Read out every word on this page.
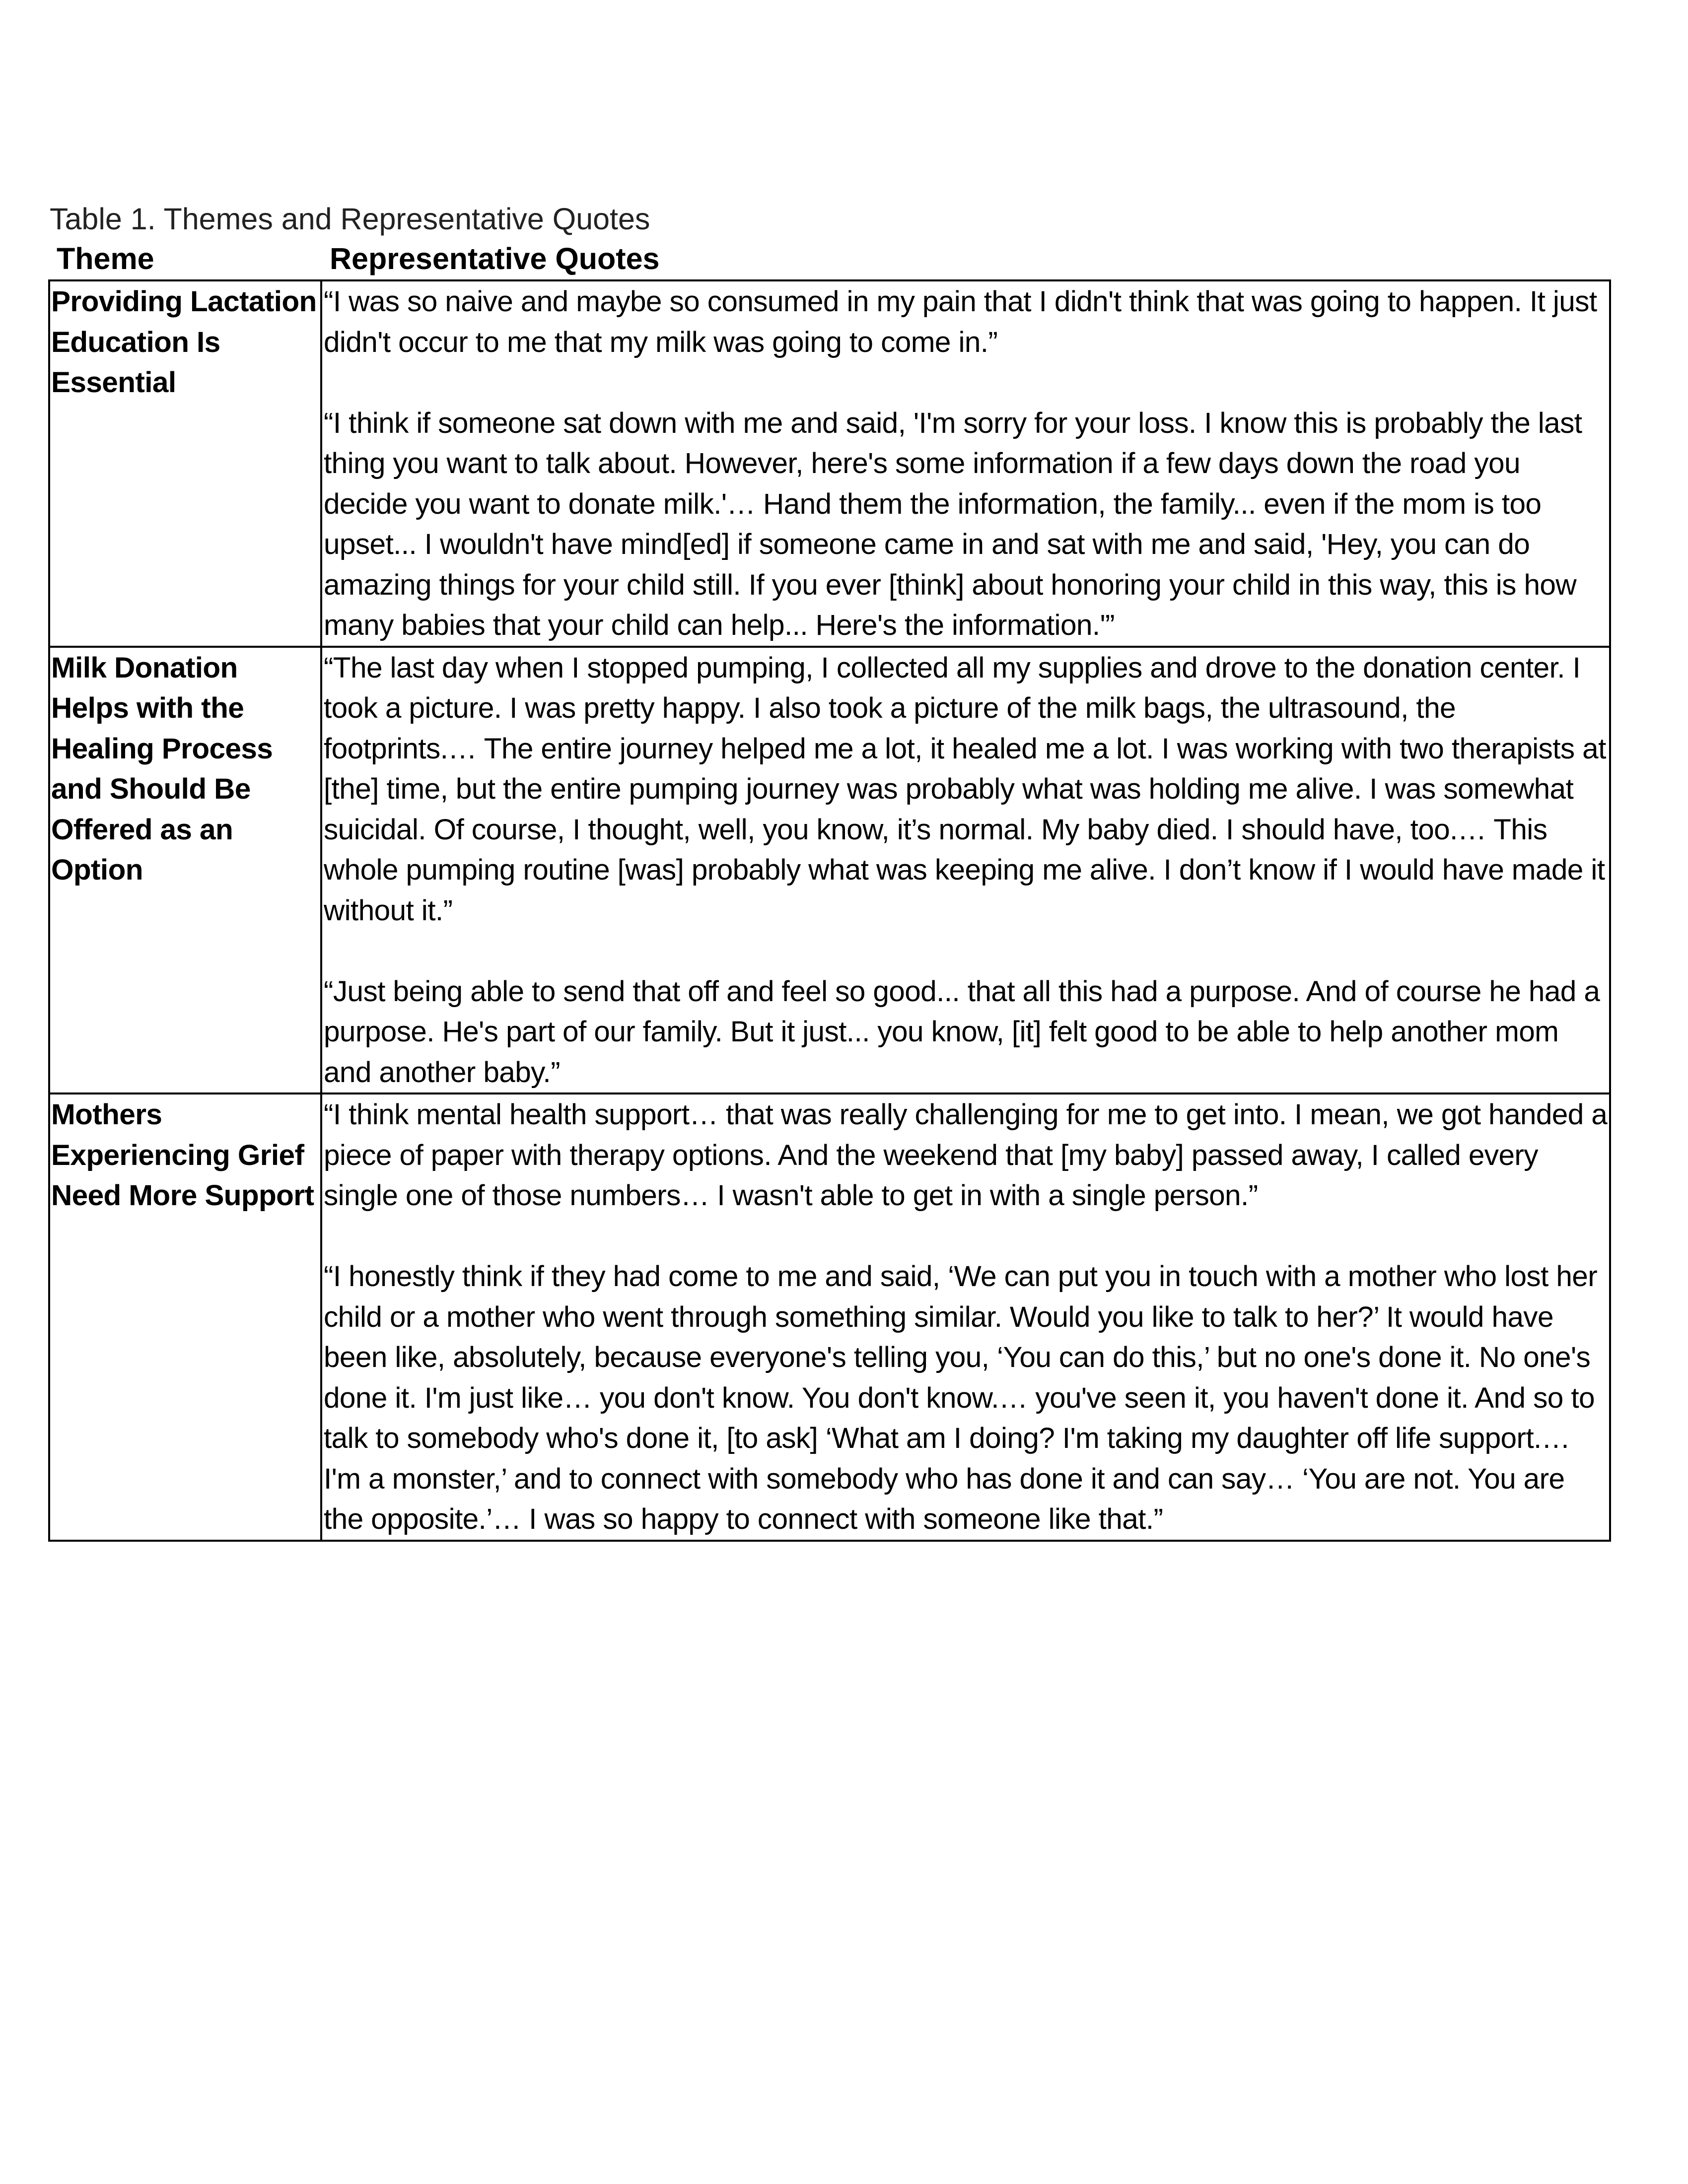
Table 1. Themes and Representative Quotes
Theme	Representative Quotes
Providing Lactation Education Is Essential

“I was so naive and maybe so consumed in my pain that I didn't think that was going to happen. It just didn't occur to me that my milk was going to come in.”

“I think if someone sat down with me and said, 'I'm sorry for your loss. I know this is probably the last thing you want to talk about. However, here's some information if a few days down the road you decide you want to donate milk.'… Hand them the information, the family... even if the mom is too upset... I wouldn't have mind[ed] if someone came in and sat with me and said, 'Hey, you can do amazing things for your child still. If you ever [think] about honoring your child in this way, this is how many babies that your child can help... Here's the information.'”

Milk Donation Helps with the Healing Process and Should Be Offered as an Option

“The last day when I stopped pumping, I collected all my supplies and drove to the donation center. I took a picture. I was pretty happy. I also took a picture of the milk bags, the ultrasound, the footprints.… The entire journey helped me a lot, it healed me a lot. I was working with two therapists at [the] time, but the entire pumping journey was probably what was holding me alive. I was somewhat suicidal. Of course, I thought, well, you know, it’s normal. My baby died. I should have, too.… This whole pumping routine [was] probably what was keeping me alive. I don’t know if I would have made it without it.”

“Just being able to send that off and feel so good... that all this had a purpose. And of course he had a purpose. He's part of our family. But it just... you know, [it] felt good to be able to help another mom and another baby.”

Mothers Experiencing Grief Need More Support

“I think mental health support… that was really challenging for me to get into. I mean, we got handed a piece of paper with therapy options. And the weekend that [my baby] passed away, I called every single one of those numbers… I wasn't able to get in with a single person.”

“I honestly think if they had come to me and said, ‘We can put you in touch with a mother who lost her child or a mother who went through something similar. Would you like to talk to her?’ It would have been like, absolutely, because everyone's telling you, ‘You can do this,’ but no one's done it. No one's done it. I'm just like… you don't know. You don't know.… you've seen it, you haven't done it. And so to talk to somebody who's done it, [to ask] ‘What am I doing? I'm taking my daughter off life support.… I'm a monster,’ and to connect with somebody who has done it and can say… ‘You are not. You are the opposite.’… I was so happy to connect with someone like that.”
